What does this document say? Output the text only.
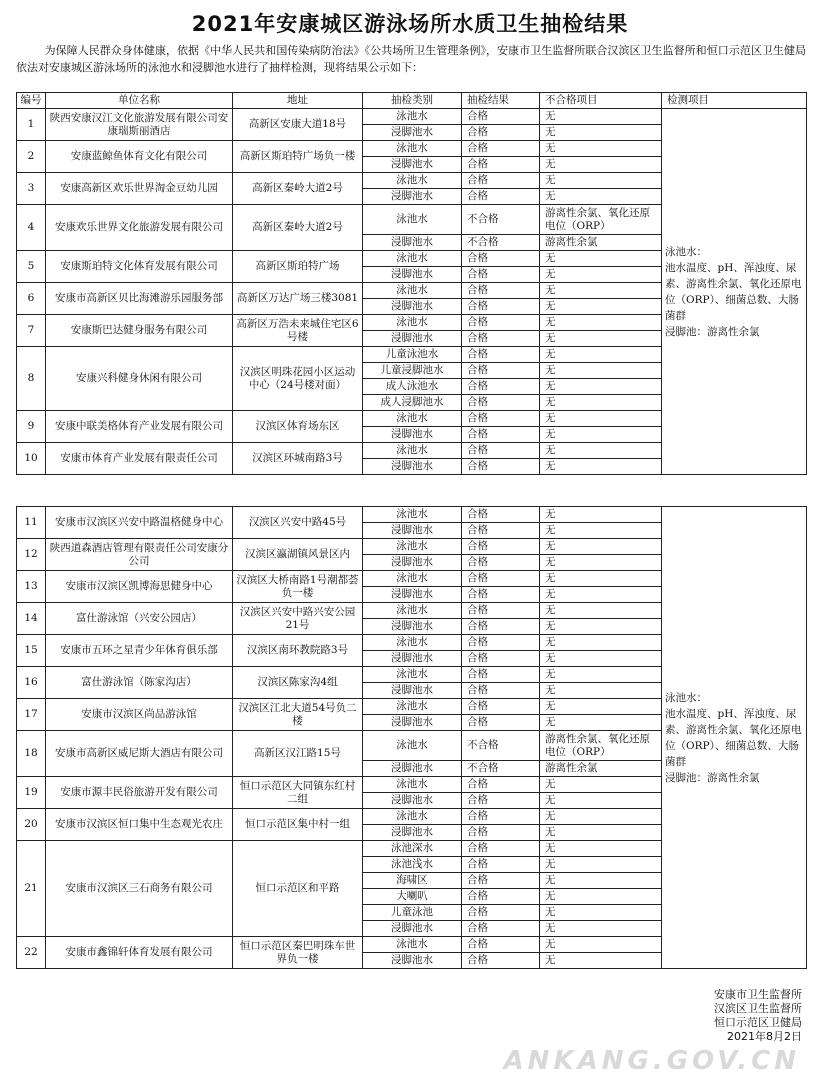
2021年安康城区游泳场所水质卫生抽检结果
为保障人民群众身体健康，依据《中华人民共和国传染病防治法》《公共场所卫生管理条例》，安康市卫生监督所联合汉滨区卫生监督所和恒口示范区卫生健局依法对安康城区游泳场所的泳池水和浸脚池水进行了抽样检测，现将结果公示如下：
编号	单位名称	地址	抽检类别	抽检结果	不合格项目	检测项目
1	陕西安康汉江文化旅游发展有限公司安康瑞斯丽酒店	高新区安康大道18号	泳池水	合格	无	泳池水：
池水温度、pH、浑浊度、尿素、游离性余氯、氧化还原电位（ORP）、细菌总数、大肠菌群
浸脚池：游离性余氯

			浸脚池水	合格	无	
2	安康蓝鲸鱼体育文化有限公司	高新区斯珀特广场负一楼	泳池水	合格	无	
			浸脚池水	合格	无	
3	安康高新区欢乐世界淘金豆幼儿园	高新区秦岭大道2号	泳池水	合格	无	
			浸脚池水	合格	无	
4	安康欢乐世界文化旅游发展有限公司	高新区秦岭大道2号	泳池水	不合格	游离性余氯、氧化还原电位（ORP）	
			浸脚池水	不合格	游离性余氯	
5	安康斯珀特文化体育发展有限公司	高新区斯珀特广场	泳池水	合格	无	
			浸脚池水	合格	无	
6	安康市高新区贝比海滩游乐园服务部	高新区万达广场三楼3081	泳池水	合格	无	
			浸脚池水	合格	无	
7	安康斯巴达健身服务有限公司	高新区万浩未来城住宅区6号楼	泳池水	合格	无	
			浸脚池水	合格	无	
8	安康兴科健身休闲有限公司	汉滨区明珠花园小区运动中心（24号楼对面）	儿童泳池水	合格	无	
			儿童浸脚池水	合格	无	
			成人泳池水	合格	无	
			成人浸脚池水	合格	无	
9	安康中联美格体育产业发展有限公司	汉滨区体育场东区	泳池水	合格	无	
			浸脚池水	合格	无	
10	安康市体育产业发展有限责任公司	汉滨区环城南路3号	泳池水	合格	无	
			浸脚池水	合格	无	
11	安康市汉滨区兴安中路温格健身中心	汉滨区兴安中路45号	泳池水	合格	无	泳池水：
池水温度、pH、浑浊度、尿素、游离性余氯、氧化还原电位（ORP）、细菌总数、大肠菌群
浸脚池：游离性余氯

			浸脚池水	合格	无	
12	陕西道森酒店管理有限责任公司安康分公司	汉滨区瀛湖镇风景区内	泳池水	合格	无	
			浸脚池水	合格	无	
13	安康市汉滨区凯博海思健身中心	汉滨区大桥南路1号潮都荟负一楼	泳池水	合格	无	
			浸脚池水	合格	无	
14	富仕游泳馆（兴安公园店）	汉滨区兴安中路兴安公园21号	泳池水	合格	无	
			浸脚池水	合格	无	
15	安康市五环之星青少年体育俱乐部	汉滨区南环教院路3号	泳池水	合格	无	
			浸脚池水	合格	无	
16	富仕游泳馆（陈家沟店）	汉滨区陈家沟4组	泳池水	合格	无	
			浸脚池水	合格	无	
17	安康市汉滨区尚品游泳馆	汉滨区江北大道54号负二楼	泳池水	合格	无	
			浸脚池水	合格	无	
18	安康市高新区威尼斯大酒店有限公司	高新区汉江路15号	泳池水	不合格	游离性余氯、氧化还原电位（ORP）	
			浸脚池水	不合格	游离性余氯	
19	安康市源丰民俗旅游开发有限公司	恒口示范区大同镇东红村二组	泳池水	合格	无	
			浸脚池水	合格	无	
20	安康市汉滨区恒口集中生态观光农庄	恒口示范区集中村一组	泳池水	合格	无	
			浸脚池水	合格	无	
21	安康市汉滨区三石商务有限公司	恒口示范区和平路	泳池深水	合格	无	
			泳池浅水	合格	无	
			海啸区	合格	无	
			大喇叭	合格	无	
			儿童泳池	合格	无	
			浸脚池水	合格	无	
22	安康市鑫锦轩体育发展有限公司	恒口示范区秦巴明珠车世界负一楼	泳池水	合格	无	
			浸脚池水	合格	无	
安康市卫生监督所
汉滨区卫生监督所
恒口示范区卫健局
2021年8月2日
ANKANG.GOV.CN
